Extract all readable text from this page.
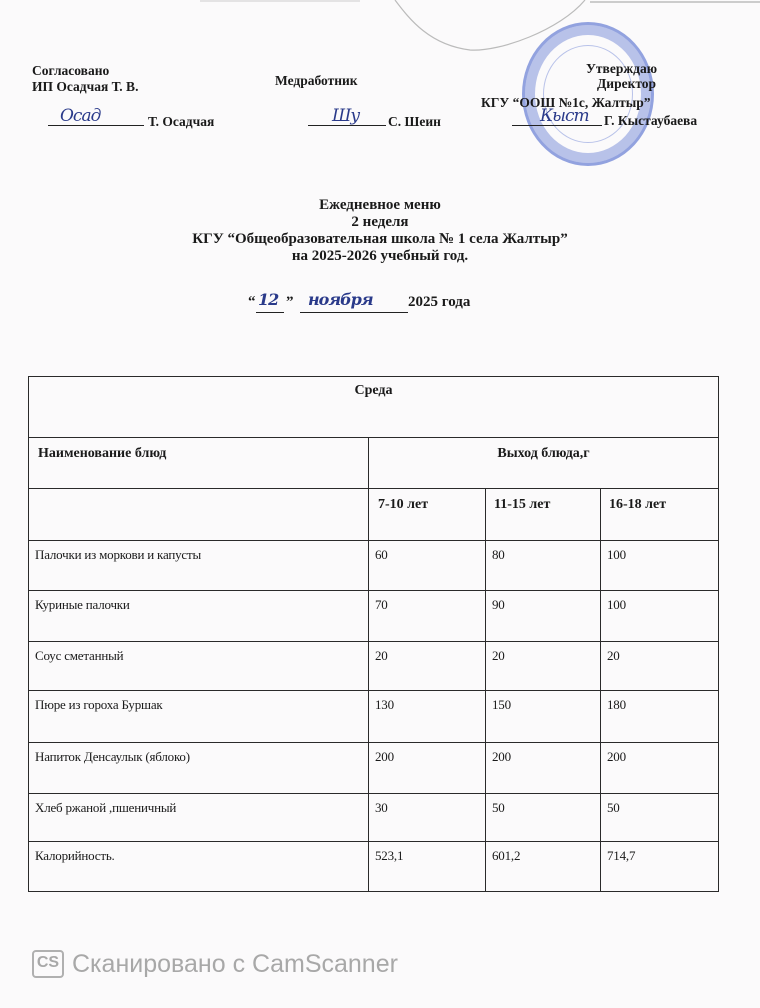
Согласовано
ИП Осадчая Т. В.
Осад	Т. Осадчая
Медработник
Шу С. Шеин
Утверждаю
Директор
КГУ “ООШ №1с, Жалтыр”
Кыст Г. Кыстаубаева
Ежедневное меню
2 неделя
КГУ “Общеобразовательная школа № 1 села Жалтыр”
на 2025-2026 учебный год.
“ 12 ” ноября 2025 года
Среда			

Наименование блюд	Выход блюда,г		

	7-10 лет	11-15 лет	16-18 лет

Палочки из моркови и капусты	60	80	100

Куриные палочки	70	90	100

Соус сметанный	20	20	20

Пюре из гороха Буршак	130	150	180

Напиток Денсаулык (яблоко)	200	200	200

Хлеб ржаной ,пшеничный	30	50	50

Калорийность.	523,1	601,2	714,7
CS Сканировано с CamScanner
